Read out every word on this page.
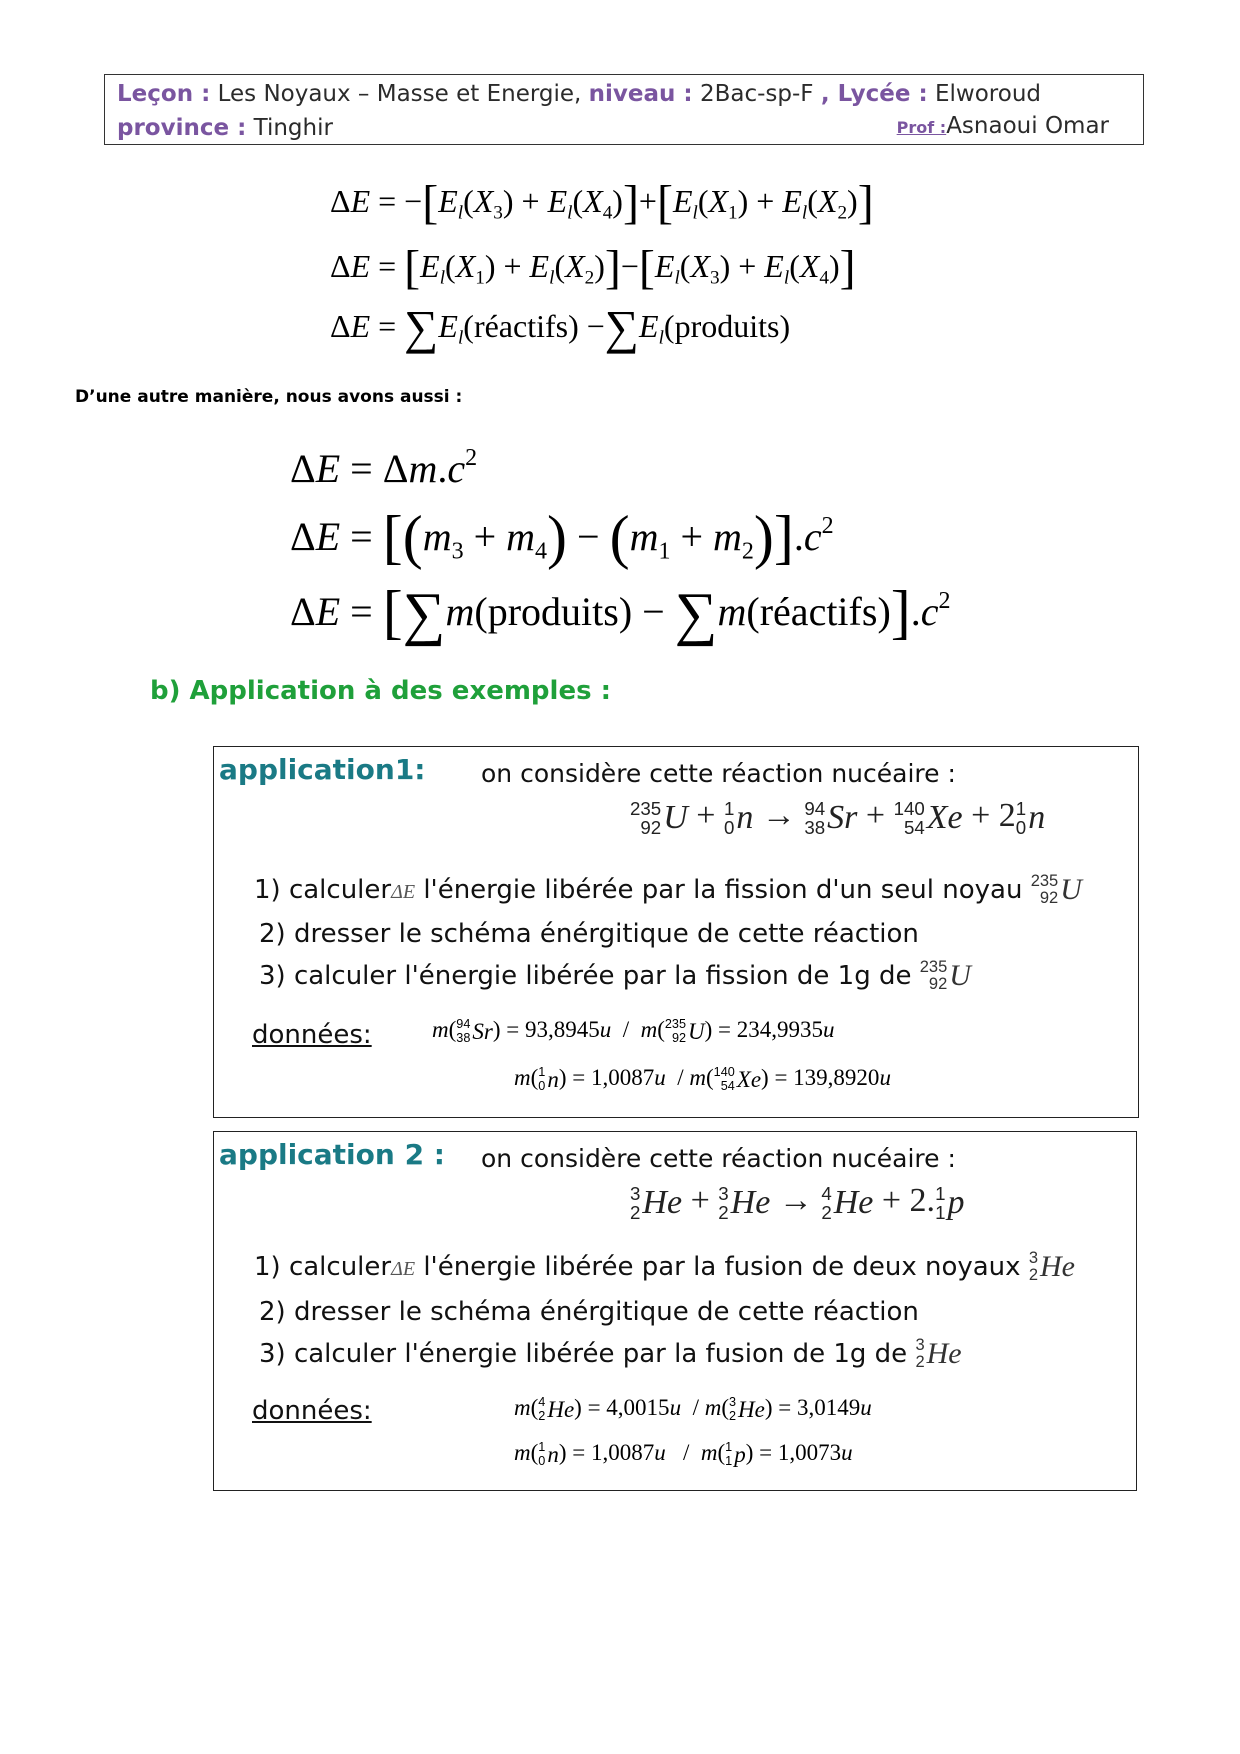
Leçon : Les Noyaux – Masse et Energie, niveau : 2Bac-sp-F , Lycée : Elworoud
province : Tinghir	Prof :Asnaoui Omar
$\Delta E = -[E_l(X_3) + E_l(X_4)]+[E_l(X_1) + E_l(X_2)]$
$\Delta E = [E_l(X_1) + E_l(X_2)]-[E_l(X_3) + E_l(X_4)]$
$\Delta E = \sum E_l(réactifs)$ $-\sum E_l(produits)$
D’une autre manière, nous avons aussi :
$\Delta E = \Delta m.c^2$
$\Delta E = [(m_3 + m_4) - (m_1 + m_2)].c^2$
ΔE = [∑m(produits) − $\sum m(réactifs)].c^2$
b) Application à des exemples :
application1: on considère cette réaction nucéaire :
235
92 U + 1
0 n → 94
38 Sr + 140
54 Xe + 2 1
0 n
1) calculerΔE l'énergie libérée par la fission d'un seul noyau 235
92 U
2) dresser le schéma énérgitique de cette réaction
3) calculer l'énergie libérée par la fission de 1g de 235
92 U
données:	m( 94
38 Sr ) = 93,8945u  /  m( 235
92 U ) = 234,9935u
m( 1
0 n ) = 1,0087u  / m( 140
54 Xe ) = 139,8920u
application 2 : on considère cette réaction nucéaire :
3
2 He + 3
2 He → 4
2 He + 2. 1
1 p
1) calculerΔE l'énergie libérée par la fusion de deux noyaux 3
2 He
2) dresser le schéma énérgitique de cette réaction
3) calculer l'énergie libérée par la fusion de 1g de 3
2 He
données:	m( 4
2 He ) = 4,0015u  / m( 3
2 He ) = 3,0149u
m( 1
0 n ) = 1,0087u   /  m( 1
1 p ) = 1,0073u
